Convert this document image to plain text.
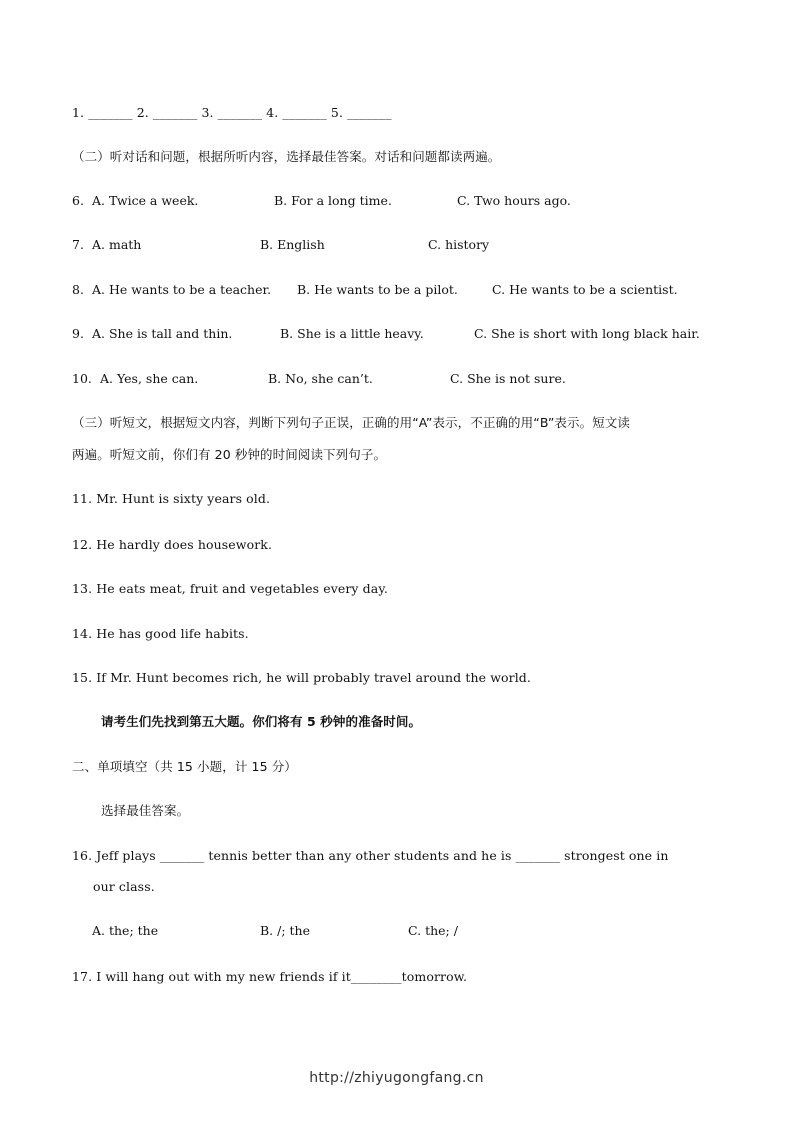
1. _______ 2. _______ 3. _______ 4. _______ 5. _______
（二）听对话和问题，根据所听内容，选择最佳答案。对话和问题都读两遍。
6. A. Twice a week.	B. For a long time.	C. Two hours ago.
7. A. math	B. English	C. history
8. A. He wants to be a teacher. B. He wants to be a pilot.	C. He wants to be a scientist.
9. A. She is tall and thin.	B. She is a little heavy.	C. She is short with long black hair.
10. A. Yes, she can.	B. No, she can’t.	C. She is not sure.
（三）听短文，根据短文内容，判断下列句子正误，正确的用“A”表示，不正确的用“B”表示。短文读
两遍。听短文前，你们有 20 秒钟的时间阅读下列句子。
11. Mr. Hunt is sixty years old.
12. He hardly does housework.
13. He eats meat, fruit and vegetables every day.
14. He has good life habits.
15. If Mr. Hunt becomes rich, he will probably travel around the world.
请考生们先找到第五大题。你们将有 5 秒钟的准备时间。
二、单项填空（共 15 小题，计 15 分）
选择最佳答案。
16. Jeff plays _______ tennis better than any other students and he is _______ strongest one in
our class.
A. the; the	B. /; the	C. the; /
17. I will hang out with my new friends if it________tomorrow.
http://zhiyugongfang.cn
